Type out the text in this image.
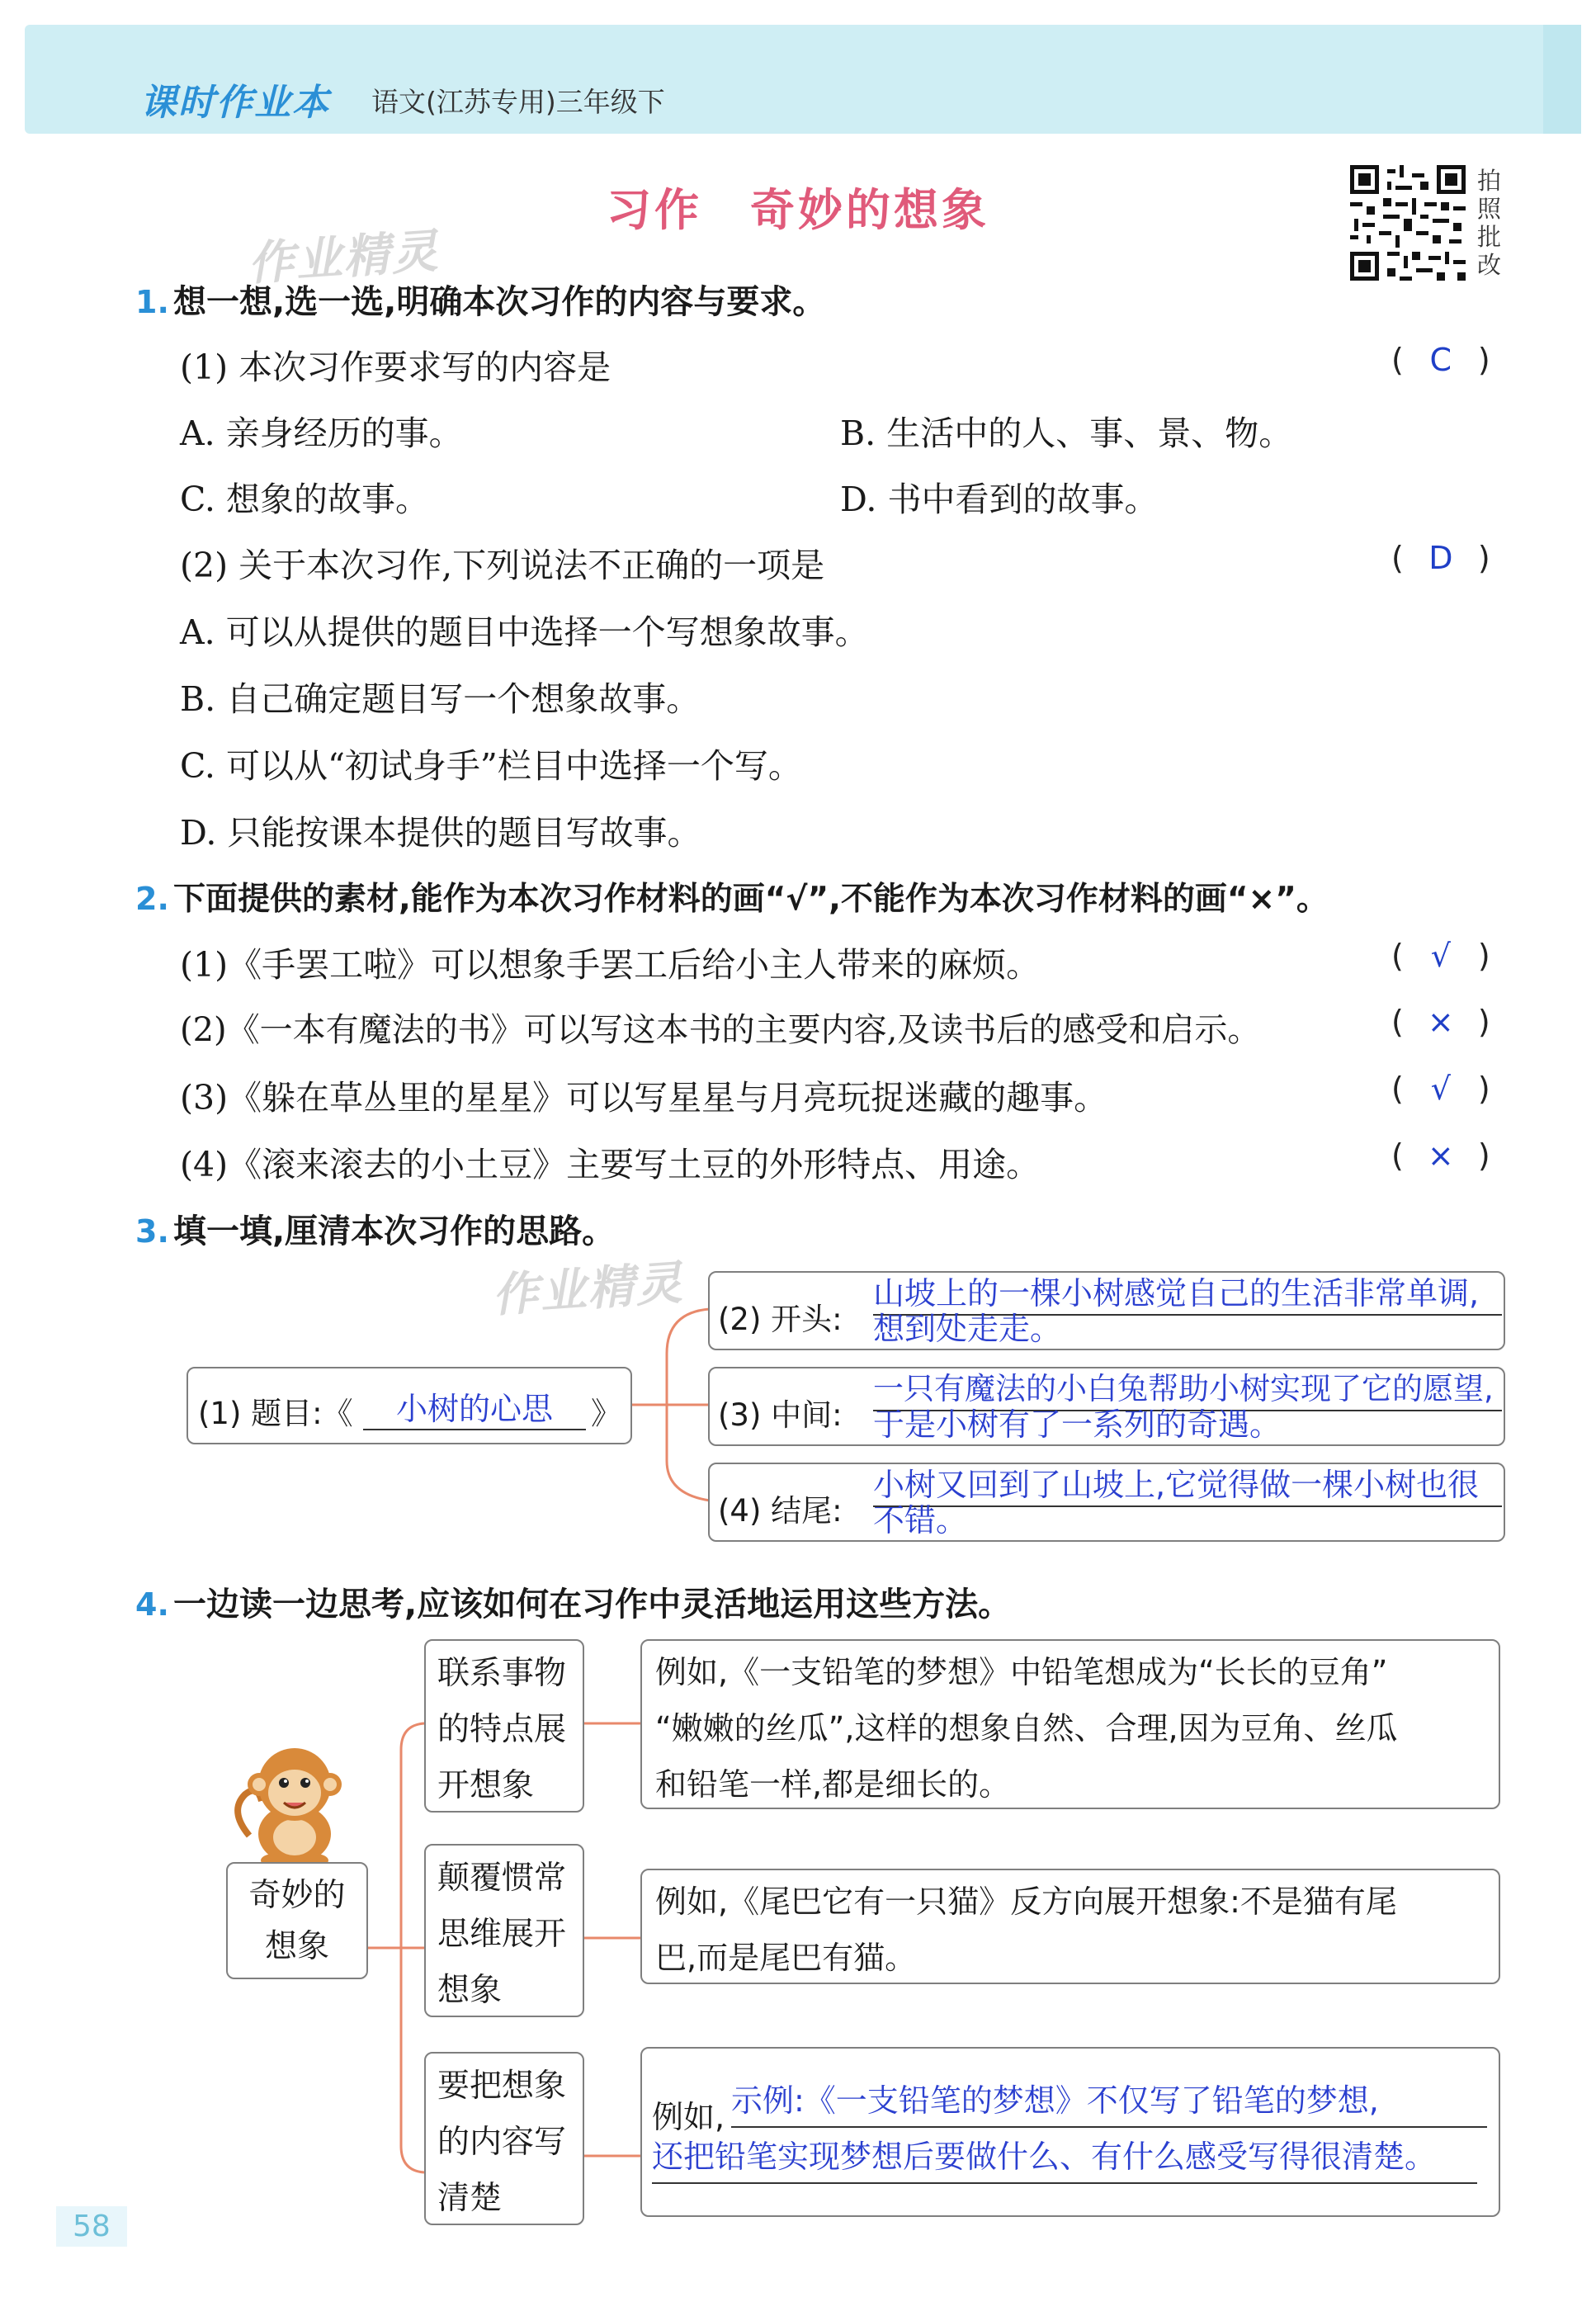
课时作业本 语文(江苏专用)三年级下
习作　奇妙的想象
作业精灵
作业精灵
拍
照
批
改
1. 想一想,选一选,明确本次习作的内容与要求。
(1) 本次习作要求写的内容是	( C )
A. 亲身经历的事。	B. 生活中的人、事、景、物。
C. 想象的故事。	D. 书中看到的故事。
(2) 关于本次习作,下列说法不正确的一项是	( D )
A. 可以从提供的题目中选择一个写想象故事。
B. 自己确定题目写一个想象故事。
C. 可以从“初试身手”栏目中选择一个写。
D. 只能按课本提供的题目写故事。
2. 下面提供的素材,能作为本次习作材料的画“√”,不能作为本次习作材料的画“×”。
(1)《手罢工啦》可以想象手罢工后给小主人带来的麻烦。	( √ )
(2)《一本有魔法的书》可以写这本书的主要内容,及读书后的感受和启示。	( × )
(3)《躲在草丛里的星星》可以写星星与月亮玩捉迷藏的趣事。	( √ )
(4)《滚来滚去的小土豆》主要写土豆的外形特点、用途。	( × )
3. 填一填,厘清本次习作的思路。
(1) 题目:《	小树的心思	》
(2) 开头:
山坡上的一棵小树感觉自己的生活非常单调,
想到处走走。
(3) 中间:
一只有魔法的小白兔帮助小树实现了它的愿望,
于是小树有了一系列的奇遇。
(4) 结尾:
小树又回到了山坡上,它觉得做一棵小树也很
不错。
4. 一边读一边思考,应该如何在习作中灵活地运用这些方法。
奇妙的
想象
联系事物
的特点展
开想象
颠覆惯常
思维展开
想象
要把想象
的内容写
清楚
例如,《一支铅笔的梦想》中铅笔想成为“长长的豆角”
“嫩嫩的丝瓜”,这样的想象自然、合理,因为豆角、丝瓜
和铅笔一样,都是细长的。
例如,《尾巴它有一只猫》反方向展开想象:不是猫有尾
巴,而是尾巴有猫。
例如, 示例:《一支铅笔的梦想》不仅写了铅笔的梦想,
还把铅笔实现梦想后要做什么、有什么感受写得很清楚。
58
